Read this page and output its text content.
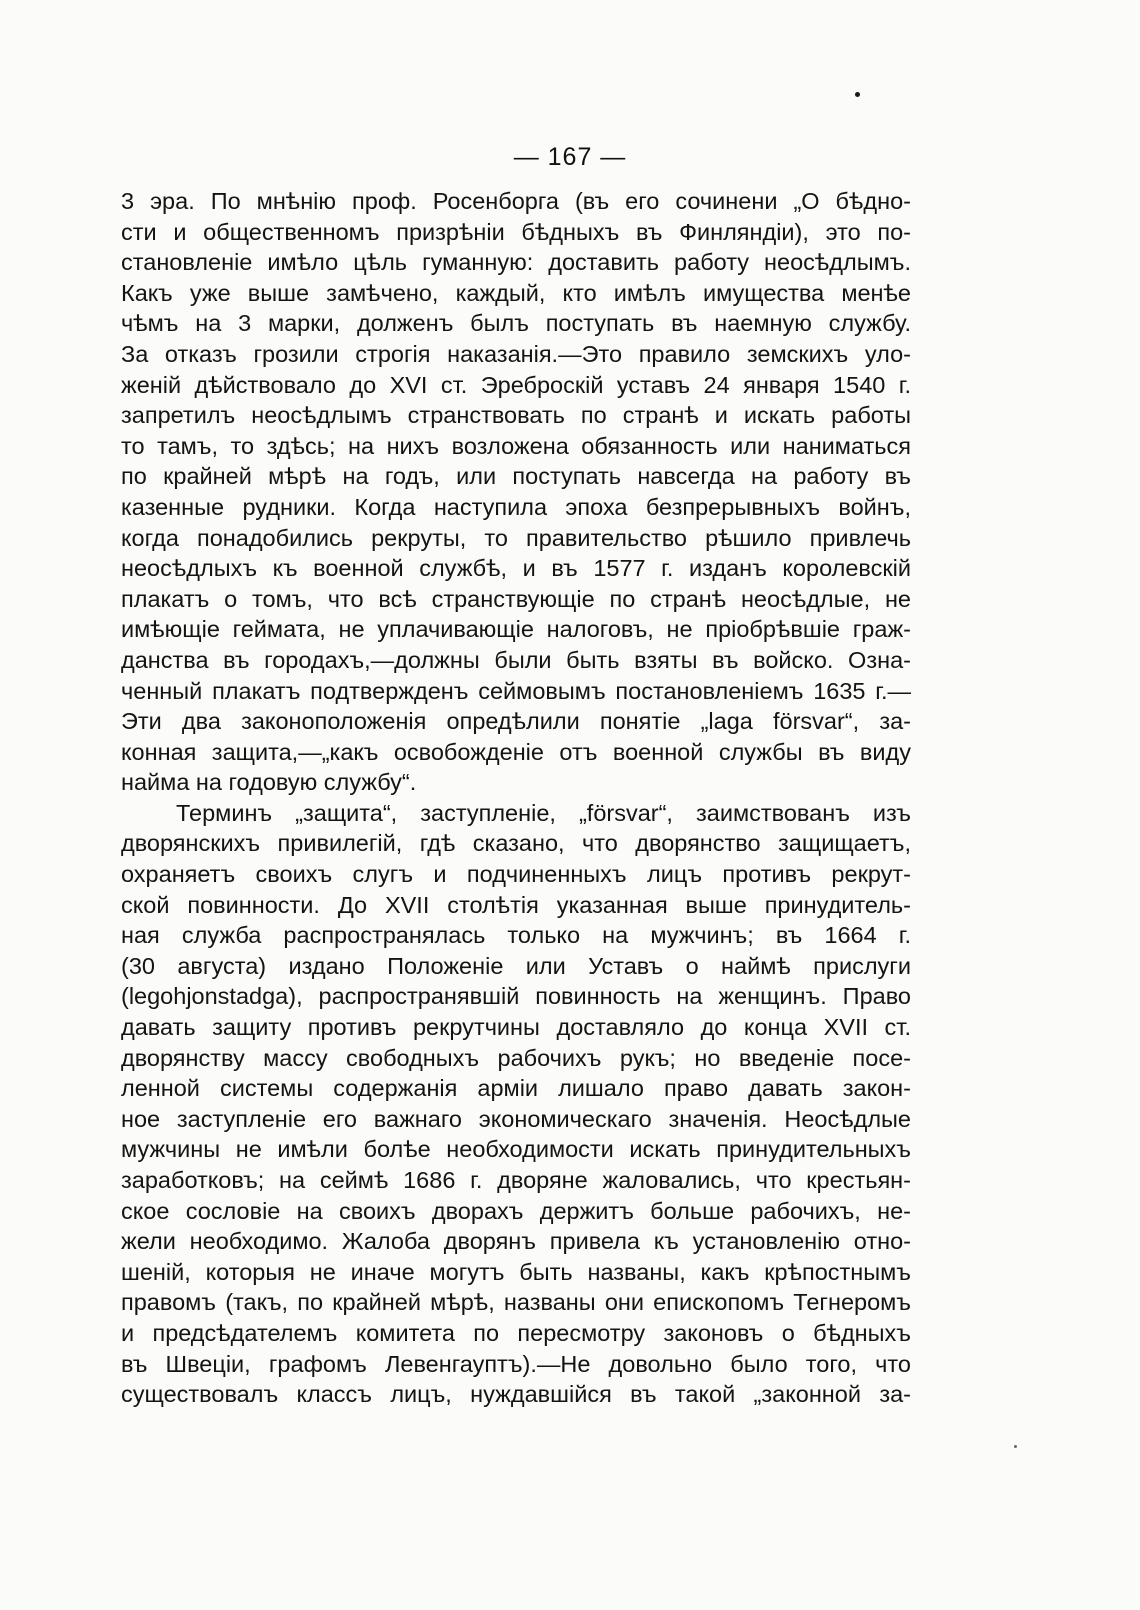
— 167 —
3 эра. По мнѣнію проф. Росенборга (въ его сочинени „О бѣдно-
сти и общественномъ призрѣніи бѣдныхъ въ Финляндіи), это по-
становленіе имѣло цѣль гуманную: доставить работу неосѣдлымъ.
Какъ уже выше замѣчено, каждый, кто имѣлъ имущества менѣе
чѣмъ на 3 марки, долженъ былъ поступать въ наемную службу.
За отказъ грозили строгія наказанія.—Это правило земскихъ уло-
женій дѣйствовало до XVI ст. Эреброскій уставъ 24 января 1540 г.
запретилъ неосѣдлымъ странствовать по странѣ и искать работы
то тамъ, то здѣсь; на нихъ возложена обязанность или наниматься
по крайней мѣрѣ на годъ, или поступать навсегда на работу въ
казенные рудники. Когда наступила эпоха безпрерывныхъ войнъ,
когда понадобились рекруты, то правительство рѣшило привлечь
неосѣдлыхъ къ военной службѣ, и въ 1577 г. изданъ королевскій
плакатъ о томъ, что всѣ странствующіе по странѣ неосѣдлые, не
имѣющіе геймата, не уплачивающіе налоговъ, не пріобрѣвшіе граж-
данства въ городахъ,—должны были быть взяты въ войско. Озна-
ченный плакатъ подтвержденъ сеймовымъ постановленіемъ 1635 г.—
Эти два законоположенія опредѣлили понятіе „laga försvar“, за-
конная защита,—„какъ освобожденіе отъ военной службы въ виду
найма на годовую службу“.
Терминъ „защита“, заступленіе, „försvar“, заимствованъ изъ
дворянскихъ привилегій, гдѣ сказано, что дворянство защищаетъ,
охраняетъ своихъ слугъ и подчиненныхъ лицъ противъ рекрут-
ской повинности. До XVII столѣтія указанная выше принудитель-
ная служба распространялась только на мужчинъ; въ 1664 г.
(30 августа) издано Положеніе или Уставъ о наймѣ прислуги
(legohjonstadga), распространявшій повинность на женщинъ. Право
давать защиту противъ рекрутчины доставляло до конца XVII ст.
дворянству массу свободныхъ рабочихъ рукъ; но введеніе посе-
ленной системы содержанія арміи лишало право давать закон-
ное заступленіе его важнаго экономическаго значенія. Неосѣдлые
мужчины не имѣли болѣе необходимости искать принудительныхъ
заработковъ; на сеймѣ 1686 г. дворяне жаловались, что крестьян-
ское сословіе на своихъ дворахъ держитъ больше рабочихъ, не-
жели необходимо. Жалоба дворянъ привела къ установленію отно-
шеній, которыя не иначе могутъ быть названы, какъ крѣпостнымъ
правомъ (такъ, по крайней мѣрѣ, названы они епископомъ Тегнеромъ
и предсѣдателемъ комитета по пересмотру законовъ о бѣдныхъ
въ Швеціи, графомъ Левенгауптъ).—Не довольно было того, что
существовалъ классъ лицъ, нуждавшійся въ такой „законной за-
